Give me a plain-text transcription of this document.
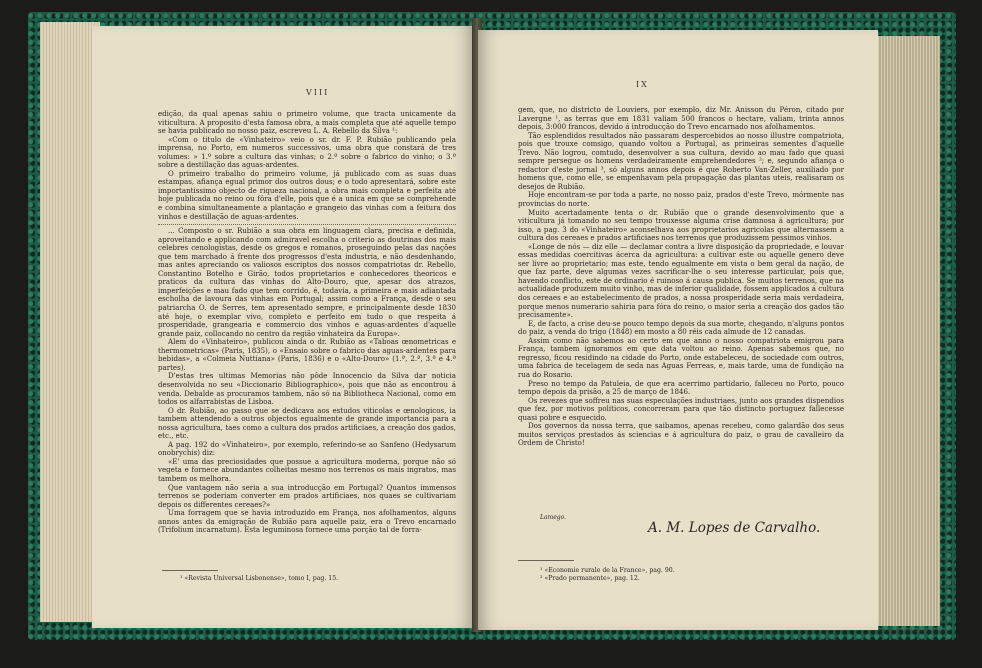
VIII

edição, da qual apenas sahiu o primeiro volume, que tracta unicamente da viticultura. A proposito d'esta famosa obra, a mais completa que até aquelle tempo se havia publicado no nosso paiz, escreveu L. A. Rebello da Silva ¹:

«Com o titulo de «Vinhateiro» veio o sr. dr. F. P. Rubião publicando pela imprensa, no Porto, em numeros successivos, uma obra que constará de tres volumes: » 1.º sobre a cultura das vinhas; o 2.º sobre o fabrico do vinho; o 3.º sobre a destillação das aguas-ardentes.

O primeiro trabalho do primeiro volume, já publicado com as suas duas estampas, afiança egual primor dos outros dous; e o todo apresentará, sobre este importantissimo objecto de riqueza nacional, a obra mais completa e perfeita até hoje publicada no reino ou fóra d'elle, pois que é a unica em que se comprehende e combina simultaneamente a plantação e grangeio das vinhas com a feitura dos vinhos e destillação de aguas-ardentes.

... Composto o sr. Rubião a sua obra em linguagem clara, precisa e definida, aproveitando e applicando com admiravel escolha o criterio as doutrinas dos mais celebres cenologistas, desde os gregos e romanos, proseguindo pelas das nações que tem marchado á frente dos progressos d'esta industria, e não desdenhando, mas antes apreciando os valiosos escriptos dos nossos compatriotas dr. Rebello, Constantino Botelho e Girão, todos proprietarios e conhecedores theoricos e praticos da cultura das vinhas do Alto-Douro, que, apesar dos atrazos, imperfeições e mau fado que tem corrido, é, todavia, a primeira e mais adiantada escholha de lavoura das vinhas em Portugal; assim como a França, desde o seu patriarcha O. de Serres, tem apresentado sempre, e principalmente desde 1830 até hoje, o exemplar vivo, completo e perfeito em tudo o que respeita á prosperidade, grangearia e commercio dos vinhos e aguas-ardentes d'aquelle grande paiz, collocando no centro da região vinhateira da Europa».

Alem do «Vinhateiro», publicou ainda o dr. Rubião as «Taboas œnometricas e thermometricas» (Paris, 1835), o «Ensaio sobre o fabrico das aguas-ardentes para bebidas», a «Colmeia Nuttiana» (Paris, 1836) e o «Alto-Douro» (1.ª, 2.ª, 3.ª e 4.ª partes).

D'estas tres ultimas Memorias não pôde Innocencio da Silva dar noticia desenvolvida no seu «Diccionario Bibliographico», pois que não as encontrou á venda. Debalde as procuramos tambem, não só na Bibliotheca Nacional, como em todos os alfarrabistas de Lisboa.

O dr. Rubião, ao passo que se dedicava aos estudos viticolas e œnologicos, ia tambem attendendo a outros objectos egualmente de grande importancia para a nossa agricultura, taes como a cultura dos prados artificiaes, a creação dos gados, etc., etc.

A pag. 192 do «Vinhateiro», por exemplo, referindo-se ao Sanfeno (Hedysarum onobrychis) diz:

«E' uma das preciosidades que possue a agricultura moderna, porque não só vegeta e fornece abundantes colheitas mesmo nos terrenos os mais ingratos, mas tambem os melhora.

Que vantagem não seria a sua introducção em Portugal? Quantos immensos terrenos se poderiam converter em prados artificiaes, nos quaes se cultivariam depois os differentes cereaes?»

Uma forragem que se havia introduzido em França, nos afolhamentos, alguns annos antes da emigração de Rubião para aquelle paiz, era o Trevo encarnado (Trifolium incarnatum). Esta leguminosa fornece uma porção tal de forra-

¹ «Revista Universal Lisbonense», tomo I, pag. 15.
IX

gem, que, no districto de Louviers, por exemplo, diz Mr. Anisson du Péron, citado por Lavergne ¹, as terras que em 1831 valiam 500 francos o hectare, valiam, trinta annos depois, 3:000 francos, devido á introducção do Trevo encarnado nos afolhamentos.

Tão esplendidos resultados não passaram despercebidos ao nosso illustre compatriota, pois que trouxe comsigo, quando voltou a Portugal, as primeiras sementes d'aquelle Trevo. Não logrou, comtudo, desenvolver a sua cultura, devido ao mau fado que quasi sempre persegue os homens verdadeiramente emprehendedores ²; e, segundo afiança o redactor d'este jornal ³, só alguns annos depois é que Roberto Van-Zeller, auxiliado por homens que, como elle, se empenhavam pela propagação das plantas uteis, realisaram os desejos de Rubião.

Hoje encontram-se por toda a parte, no nosso paiz, prados d'este Trevo, mórmente nas provincias do norte.

Muito acertadamente tenta o dr. Rubião que o grande desenvolvimento que a viticultura já tomando no seu tempo trouxesse alguma crise damnosa á agricultura; por isso, a pag. 3 do «Vinhateiro» aconselhava aos proprietarios agricolas que alternassem a cultura dos cereaes e prados artificiaes nos terrenos que produzissem pessimos vinhos.

«Longe de nós — diz elle — declamar contra a livre disposição da propriedade, e louvar essas medidas coercitivas ácerca da agricultura: a cultivar este ou aquelle genero deve ser livre ao proprietario; mas este, tendo egualmente em vista o bem geral da nação, de que faz parte, deve algumas vezes sacrificar-lhe o seu interesse particular, pois que, havendo conflicto, este de ordinario é ruinoso á causa publica. Se muitos terrenos, que na actualidade produzem muito vinho, mas de inferior qualidade, fossem applicados á cultura dos cereaes e ao estabelecimento de prados, a nossa prosperidade seria mais verdadeira, porque menos numerario sahiria para fóra do reino, o maior seria a creação dos gados tão precisamente».

E, de facto, a crise deu-se pouco tempo depois da sua morte, chegando, n'alguns pontos do paiz, a venda do trigo (1848) em mosto a 80 réis cada almude de 12 canadas.

Assim como não sabemos ao certo em que anno o nosso compatriota emigrou para França, tambem ignoramos em que data voltou ao reino. Apenas sabemos que, no regresso, ficou residindo na cidade do Porto, onde estabeleceu, de sociedade com outros, uma fabrica de tecelagem de seda nas Aguas Ferreas, e, mais tarde, uma de fundição na rua do Rosario.

Preso no tempo da Patuleia, de que era acerrimo partidario, falleceu no Porto, pouco tempo depois da prisão, a 25 de março de 1846.

Os revezes que soffreu nas suas especulações industriaes, junto aos grandes dispendios que fez, por motivos politicos, concorreram para que tão distincto portuguez fallecesse quasi pobre e esquecido.

Dos governos da nossa terra, que saibamos, apenas recebeu, como galardão dos seus muitos serviços prestados ás sciencias e á agricultura do paiz, o grau de cavalleiro da Ordem de Christo!

Lamego.
A. M. Lopes de Carvalho.
¹ «Economie rurale de la France», pag. 90.
² «Prado permanente», pag. 12.
